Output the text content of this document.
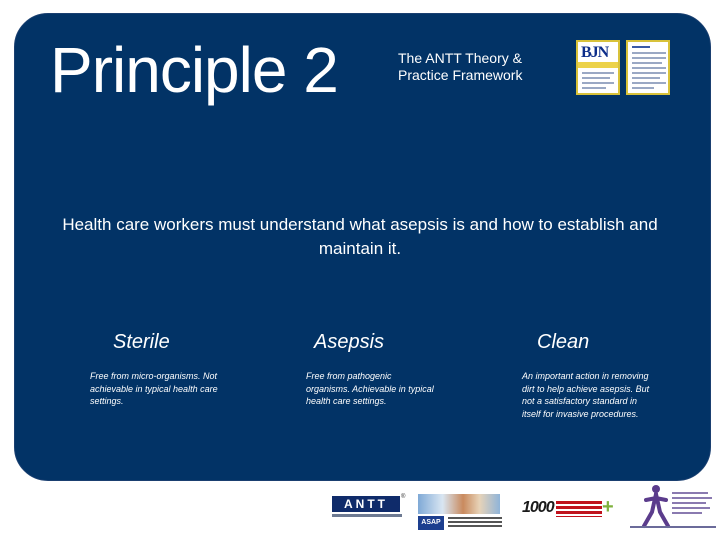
Principle 2	The ANTT Theory & Practice Framework
BJN
Health care workers must understand what asepsis is and how to establish and maintain it.
Sterile
Free from micro-organisms. Not achievable in typical health care settings.
Asepsis
Free from pathogenic organisms. Achievable in typical health care settings.
Clean
An important action in removing dirt to help achieve asepsis. But not a satisfactory standard in itself for invasive procedures.
ANTT	®
ASAP
1000 +
